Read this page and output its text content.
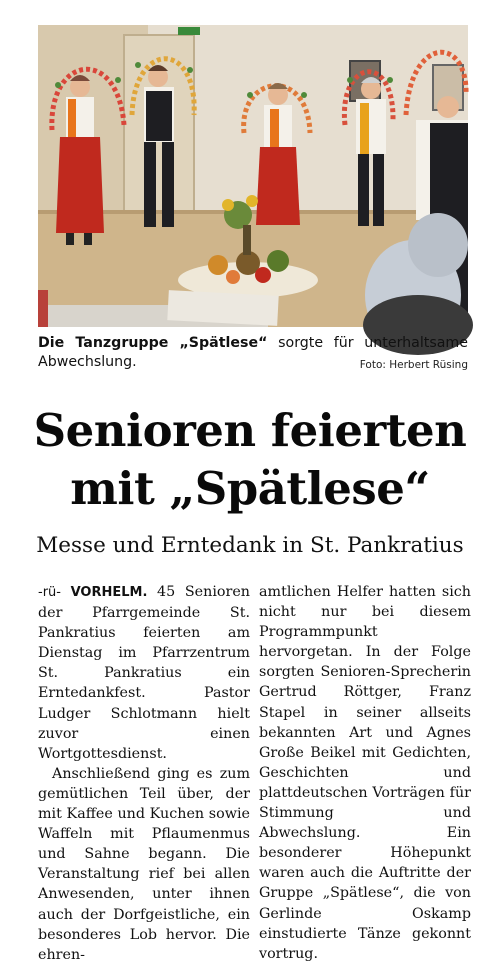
Die Tanzgruppe „Spätlese“ sorgte für unterhaltsame Abwechslung.	Foto: Herbert Rüsing
Senioren feierten
mit „Spätlese“
Messe und Erntedank in St. Pankratius

-rü- VORHELM. 45 Senioren der Pfarrgemeinde St. Pankratius feierten am Dienstag im Pfarrzentrum St. Pankratius ein Erntedankfest. Pastor Ludger Schlotmann hielt zuvor einen Wortgottesdienst.

Anschließend ging es zum gemütlichen Teil über, der mit Kaffee und Kuchen sowie Waffeln mit Pflaumenmus und Sahne begann. Die Veranstaltung rief bei allen Anwesenden, unter ihnen auch der Dorfgeistliche, ein besonderes Lob hervor. Die ehren-

amtlichen Helfer hatten sich nicht nur bei diesem Programmpunkt hervorgetan. In der Folge sorgten Senioren-Sprecherin Gertrud Röttger, Franz Stapel in seiner allseits bekannten Art und Agnes Große Beikel mit Gedichten, Geschichten und plattdeutschen Vorträgen für Stimmung und Abwechslung. Ein besonderer Höhepunkt waren auch die Auftritte der Gruppe „Spätlese“, die von Gerlinde Oskamp einstudierte Tänze gekonnt vortrug.
